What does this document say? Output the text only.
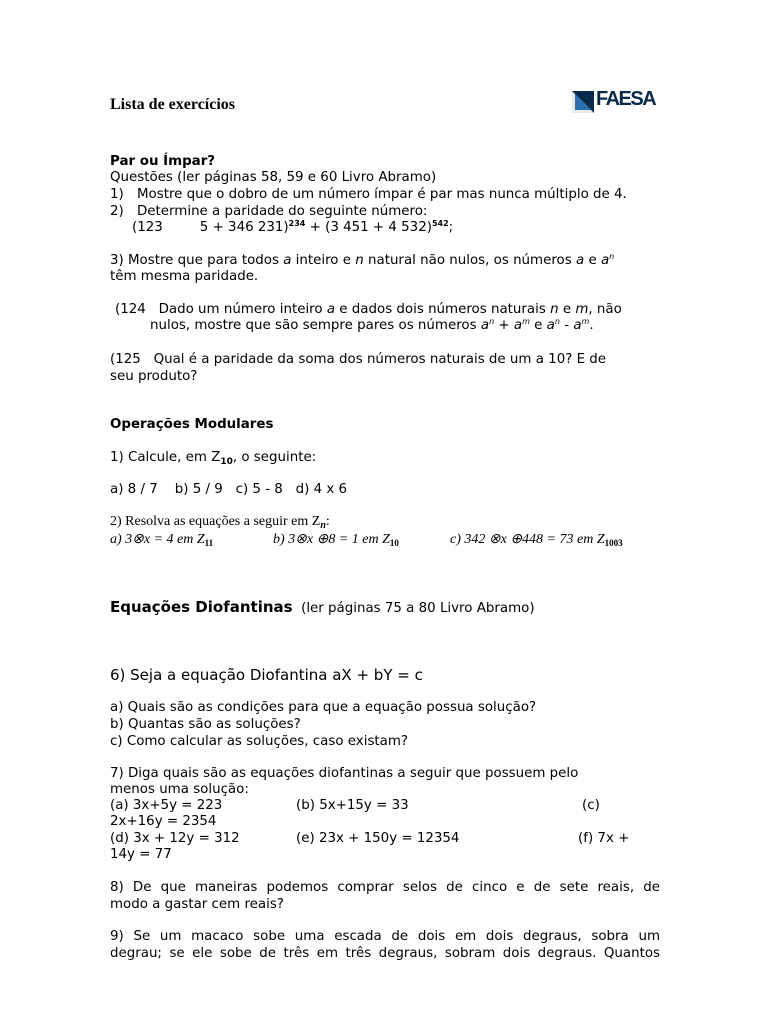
Lista de exercícios	FAESA
Par ou Ímpar?
Questões (ler páginas 58, 59 e 60 Livro Abramo)
1) Mostre que o dobro de um número ímpar é par mas nunca múltiplo de 4.
2) Determine a paridade do seguinte número:
(123	5 + 346 231)$^{234}$ + (3 451 + 4 532)$^{542}$;
3) Mostre que para todos a inteiro e n natural não nulos, os números a e $a^n$
têm mesma paridade.
(124 Dado um número inteiro a e dados dois números naturais n e m, não
nulos, mostre que são sempre pares os números $a^n + a^m$ e $a^n - a^m$.
(125 Qual é a paridade da soma dos números naturais de um a 10? E de
seu produto?
Operações Modulares
1) Calcule, em $Z_{10}$, o seguinte:
a) 8 / 7    b) 5 / 9   c) 5 - 8   d) 4 x 6
2) Resolva as equações a seguir em $Z_n$:
a) 3⊗x = 4 em $Z_{11}$	b) 3⊗x ⊕8 = 1 em $Z_{10}$	c) 342 ⊗x ⊕448 = 73 em $Z_{1003}$
Equações Diofantinas (ler páginas 75 a 80 Livro Abramo)
6) Seja a equação Diofantina aX + bY = c
a) Quais são as condições para que a equação possua solução?
b) Quantas são as soluções?
c) Como calcular as soluções, caso existam?
7) Diga quais são as equações diofantinas a seguir que possuem pelo
menos uma solução:
(a) 3x+5y = 223	(b) 5x+15y = 33	(c)
2x+16y = 2354
(d) 3x + 12y = 312	(e) 23x + 150y = 12354	(f) 7x +
14y = 77
8) De que maneiras podemos comprar selos de cinco e de sete reais, de
modo a gastar cem reais?
9) Se um macaco sobe uma escada de dois em dois degraus, sobra um
degrau; se ele sobe de três em três degraus, sobram dois degraus. Quantos
